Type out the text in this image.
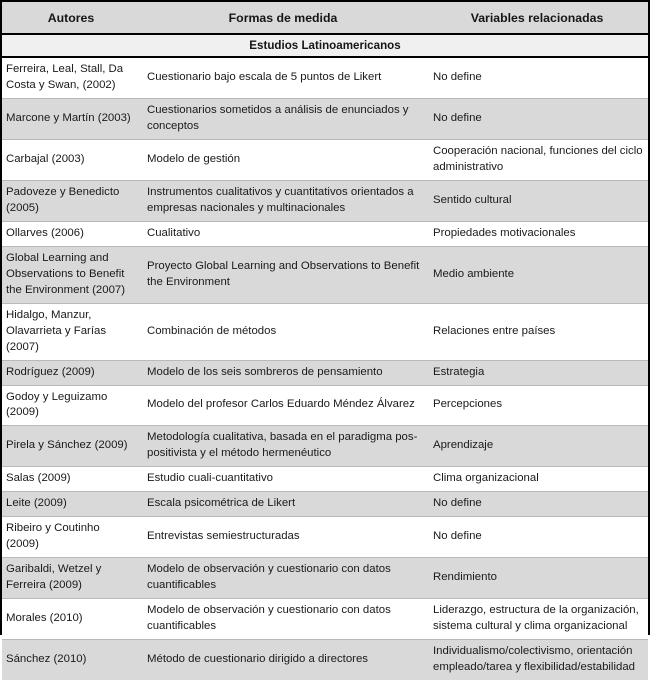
Autores	Formas de medida	Variables relacionadas
Estudios Latinoamericanos		
Ferreira, Leal, Stall, Da Costa y Swan, (2002)	Cuestionario bajo escala de 5 puntos de Likert	No define
Marcone y Martín (2003)	Cuestionarios sometidos a análisis de enunciados y conceptos	No define
Carbajal (2003)	Modelo de gestión	Cooperación nacional, funciones del ciclo administrativo
Padoveze y Benedicto (2005)	Instrumentos cualitativos y cuantitativos orientados a empresas nacionales y multinacionales	Sentido cultural
Ollarves (2006)	Cualitativo	Propiedades motivacionales
Global Learning and Observations to Benefit the Environment (2007)	Proyecto Global Learning and Observations to Benefit the Environment	Medio ambiente
Hidalgo, Manzur, Olavarrieta y Farías (2007)	Combinación de métodos	Relaciones entre países
Rodríguez (2009)	Modelo de los seis sombreros de pensamiento	Estrategia
Godoy y Leguizamo (2009)	Modelo del profesor Carlos Eduardo Méndez Álvarez	Percepciones
Pirela y Sánchez (2009)	Metodología cualitativa, basada en el paradigma pos-positivista y el método hermenéutico	Aprendizaje
Salas (2009)	Estudio cuali-cuantitativo	Clima organizacional
Leite (2009)	Escala psicométrica de Likert	No define
Ribeiro y Coutinho (2009)	Entrevistas semiestructuradas	No define
Garibaldi, Wetzel y Ferreira (2009)	Modelo de observación y cuestionario con datos cuantificables	Rendimiento
Morales (2010)	Modelo de observación y cuestionario con datos cuantificables	Liderazgo, estructura de la organización, sistema cultural y clima organizacional
Sánchez (2010)	Método de cuestionario dirigido a directores	Individualismo/colectivismo, orientación empleado/tarea y flexibilidad/estabilidad
